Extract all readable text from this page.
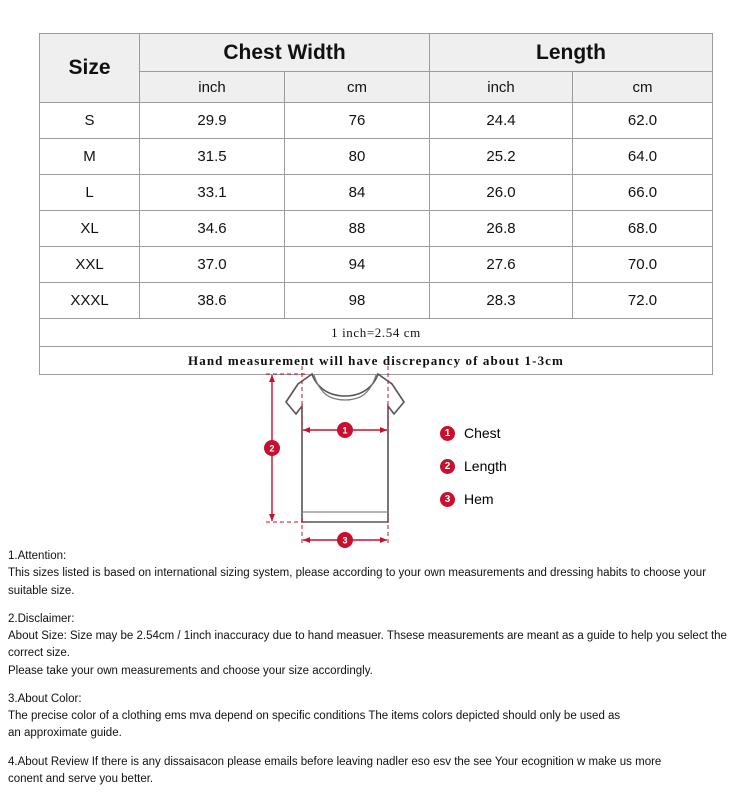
Size	Chest Width		Length	
	inch	cm	inch	cm
S	29.9	76	24.4	62.0
M	31.5	80	25.2	64.0
L	33.1	84	26.0	66.0
XL	34.6	88	26.8	68.0
XXL	37.0	94	27.6	70.0
XXXL	38.6	98	28.3	72.0
1 inch=2.54 cm				
Hand measurement will have discrepancy of about 1-3cm				
1
2
3
1 Chest
2 Length
3 Hem

1.Attention:

This sizes listed is based on international sizing system, please according to your own measurements and dressing habits to choose your suitable size.

2.Disclaimer:

About Size: Size may be 2.54cm / 1inch inaccuracy due to hand measuer. Thsese measurements are meant as a guide to help you select the correct size.

Please take your own measurements and choose your size accordingly.

3.About Color:

The precise color of a clothing ems mva depend on specific conditions The items colors depicted should only be used as

an approximate guide.

4.About Review If there is any dissaisacon please emails before leaving nadler eso esv the see Your ecognition w make us more

conent and serve you better.
